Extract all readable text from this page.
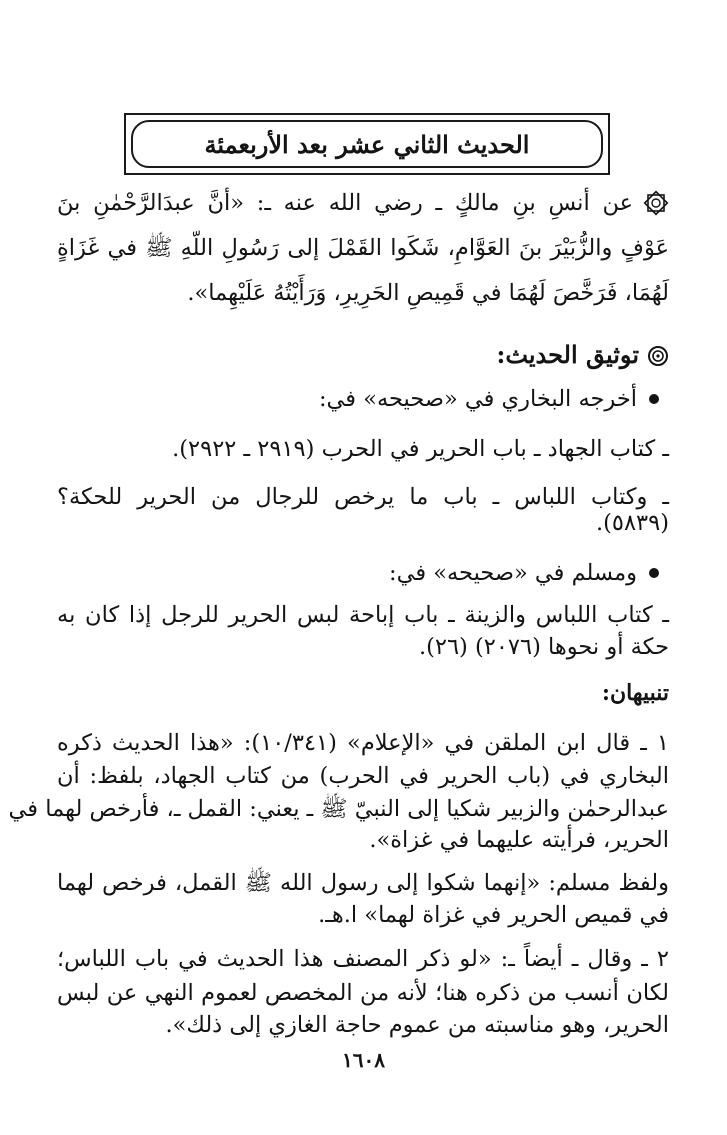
الحديث الثاني عشر بعد الأربعمئة
عن أنسِ بنِ مالكٍ ـ رضي الله عنه ـ: «أنَّ عبدَالرَّحْمٰنِ بنَ
عَوْفٍ والزُّبَيْرَ بنَ العَوَّامِ، شَكَوا القَمْلَ إلى رَسُولِ اللّهِ ﷺ في غَزَاةٍ
لَهُمَا، فَرَخَّصَ لَهُمَا في قَمِيصِ الحَرِيرِ، وَرَأَيْتُهُ عَلَيْهِما».
توثيق الحديث:
أخرجه البخاري في «صحيحه» في:
ـ كتاب الجهاد ـ باب الحرير في الحرب (٢٩١٩ ـ ٢٩٢٢).
ـ وكتاب اللباس ـ باب ما يرخص للرجال من الحرير للحكة؟
(٥٨٣٩).
ومسلم في «صحيحه» في:
ـ كتاب اللباس والزينة ـ باب إباحة لبس الحرير للرجل إذا كان به
حكة أو نحوها (٢٠٧٦) (٢٦).
تنبيهان:
١ ـ قال ابن الملقن في «الإعلام» (١٠/٣٤١): «هذا الحديث ذكره
البخاري في (باب الحرير في الحرب) من كتاب الجهاد، بلفظ: أن
عبدالرحمٰن والزبير شكيا إلى النبيّ ﷺ ـ يعني: القمل ـ، فأرخص لهما في
الحرير، فرأيته عليهما في غزاة».
ولفظ مسلم: «إنهما شكوا إلى رسول الله ﷺ القمل، فرخص لهما
في قميص الحرير في غزاة لهما» ا.هـ.
٢ ـ وقال ـ أيضاً ـ: «لو ذكر المصنف هذا الحديث في باب اللباس؛
لكان أنسب من ذكره هنا؛ لأنه من المخصص لعموم النهي عن لبس
الحرير، وهو مناسبته من عموم حاجة الغازي إلى ذلك».
١٦٠٨
